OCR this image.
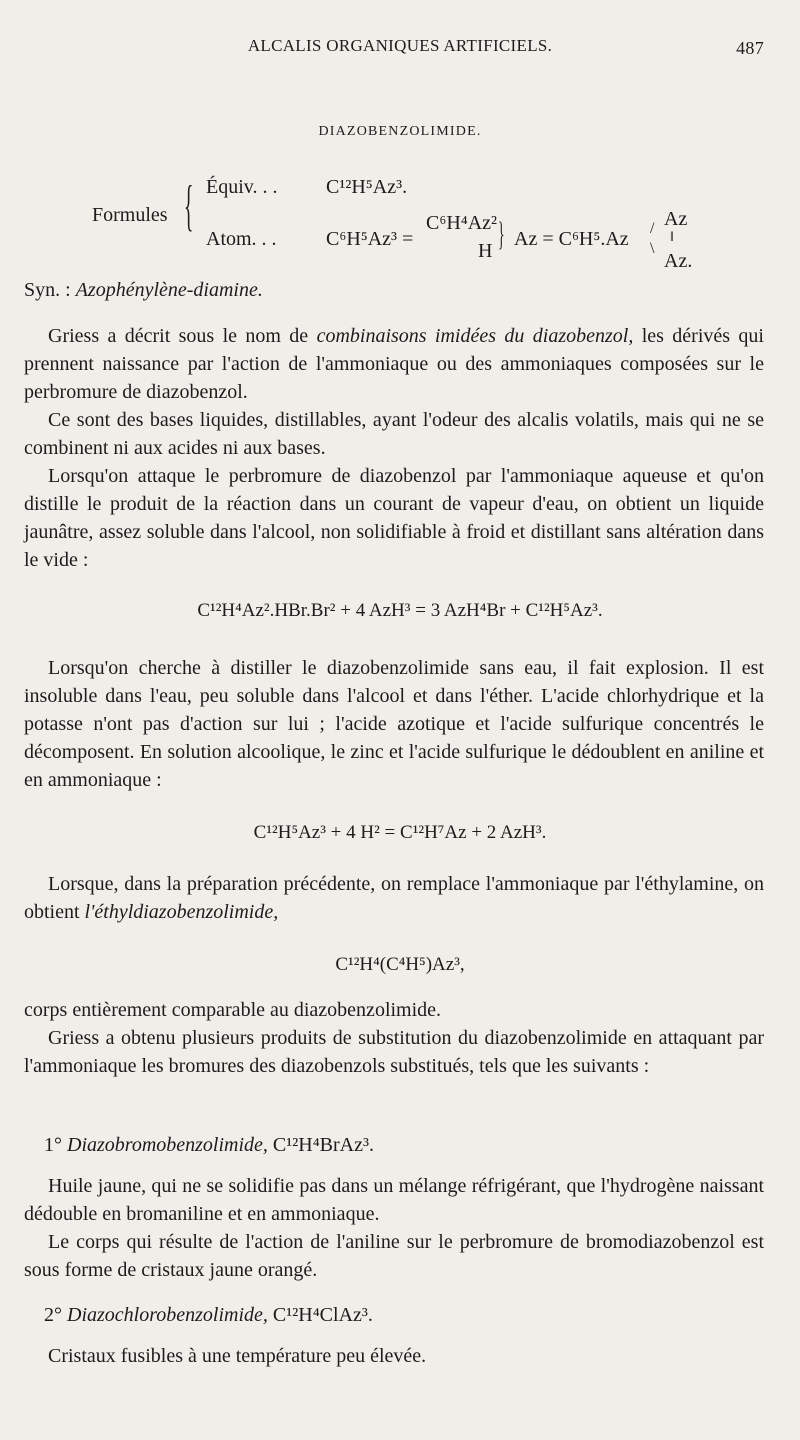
ALCALIS ORGANIQUES ARTIFICIELS.	487
DIAZOBENZOLIMIDE.
Formules { Équiv. . . C¹²H⁵Az³.
Atom. . . C⁶H⁵Az³ =
C⁶H⁴Az²
H } Az = C⁶H⁵.Az /
\
Az
‖
Az.
Syn. : Azophénylène-diamine.
Griess a décrit sous le nom de combinaisons imidées du diazobenzol, les dérivés qui prennent naissance par l'action de l'ammoniaque ou des ammoniaques composées sur le perbromure de diazobenzol.
Ce sont des bases liquides, distillables, ayant l'odeur des alcalis volatils, mais qui ne se combinent ni aux acides ni aux bases.
Lorsqu'on attaque le perbromure de diazobenzol par l'ammoniaque aqueuse et qu'on distille le produit de la réaction dans un courant de vapeur d'eau, on obtient un liquide jaunâtre, assez soluble dans l'alcool, non solidifiable à froid et distillant sans altération dans le vide :
C¹²H⁴Az².HBr.Br² + 4 AzH³ = 3 AzH⁴Br + C¹²H⁵Az³.
Lorsqu'on cherche à distiller le diazobenzolimide sans eau, il fait explosion. Il est insoluble dans l'eau, peu soluble dans l'alcool et dans l'éther. L'acide chlorhydrique et la potasse n'ont pas d'action sur lui ; l'acide azotique et l'acide sulfurique concentrés le décomposent. En solution alcoolique, le zinc et l'acide sulfurique le dédoublent en aniline et en ammoniaque :
C¹²H⁵Az³ + 4 H² = C¹²H⁷Az + 2 AzH³.
Lorsque, dans la préparation précédente, on remplace l'ammoniaque par l'éthylamine, on obtient l'éthyldiazobenzolimide,
C¹²H⁴(C⁴H⁵)Az³,
corps entièrement comparable au diazobenzolimide.
Griess a obtenu plusieurs produits de substitution du diazobenzolimide en attaquant par l'ammoniaque les bromures des diazobenzols substitués, tels que les suivants :
1° Diazobromobenzolimide, C¹²H⁴BrAz³.
Huile jaune, qui ne se solidifie pas dans un mélange réfrigérant, que l'hydrogène naissant dédouble en bromaniline et en ammoniaque.
Le corps qui résulte de l'action de l'aniline sur le perbromure de bromodiazobenzol est sous forme de cristaux jaune orangé.
2° Diazochlorobenzolimide, C¹²H⁴ClAz³.
Cristaux fusibles à une température peu élevée.
